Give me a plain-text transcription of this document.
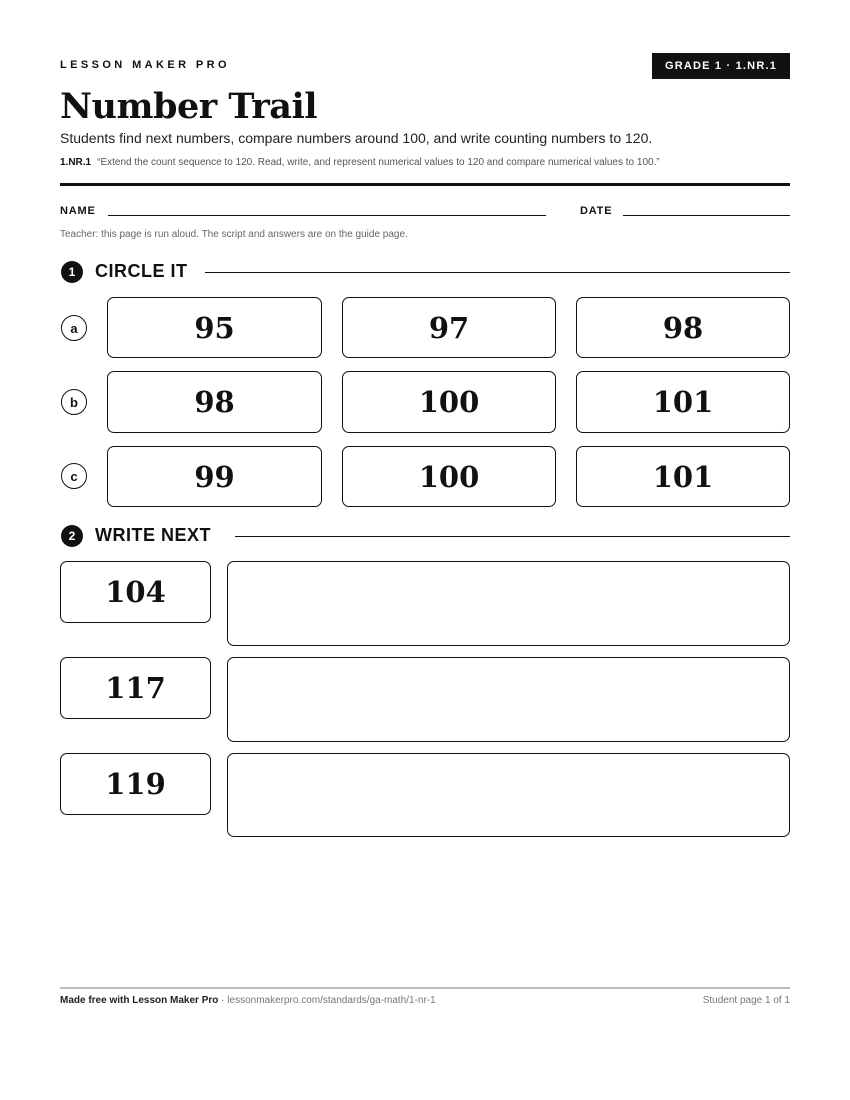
LESSON MAKER PRO	GRADE 1 · 1.NR.1
Number Trail
Students find next numbers, compare numbers around 100, and write counting numbers to 120.
1.NR.1 “Extend the count sequence to 120. Read, write, and represent numerical values to 120 and compare numerical values to 100.”
NAME	DATE
Teacher: this page is run aloud. The script and answers are on the guide page.
1	CIRCLE IT
a	95	97	98
b	98	100	101
c	99	100	101
2	WRITE NEXT
104
117
119
Made free with Lesson Maker Pro · lessonmakerpro.com/standards/ga-math/1-nr-1	Student page 1 of 1
